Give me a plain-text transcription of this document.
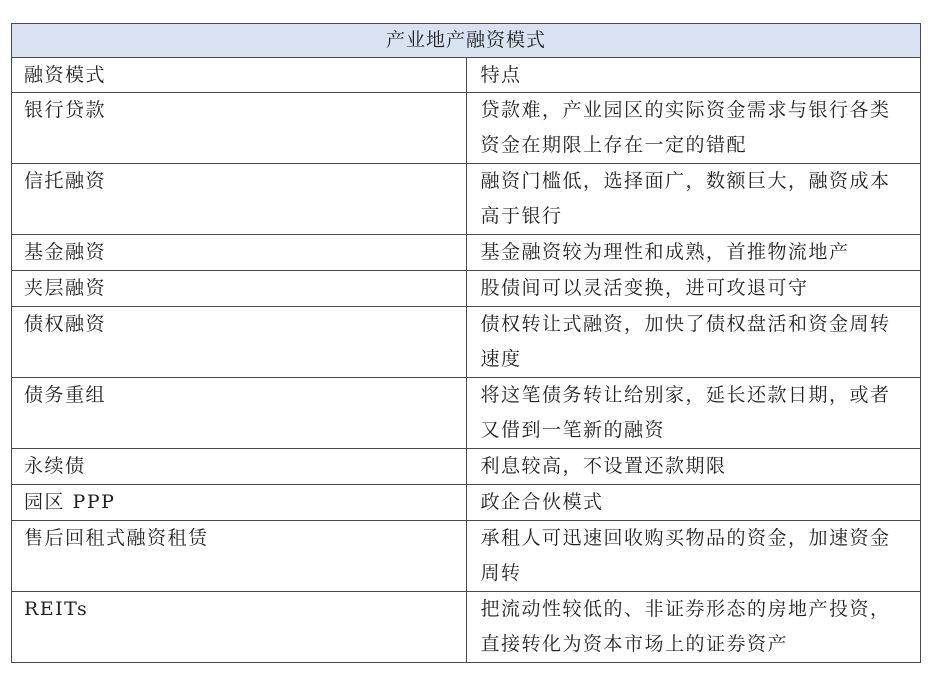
产业地产融资模式	
融资模式	特点
银行贷款	贷款难，产业园区的实际资金需求与银行各类资金在期限上存在一定的错配
信托融资	融资门槛低，选择面广，数额巨大，融资成本高于银行
基金融资	基金融资较为理性和成熟，首推物流地产
夹层融资	股债间可以灵活变换，进可攻退可守
债权融资	债权转让式融资，加快了债权盘活和资金周转速度
债务重组	将这笔债务转让给别家，延长还款日期，或者又借到一笔新的融资
永续债	利息较高，不设置还款期限
园区 PPP	政企合伙模式
售后回租式融资租赁	承租人可迅速回收购买物品的资金，加速资金周转
REITs	把流动性较低的、非证券形态的房地产投资，直接转化为资本市场上的证券资产
